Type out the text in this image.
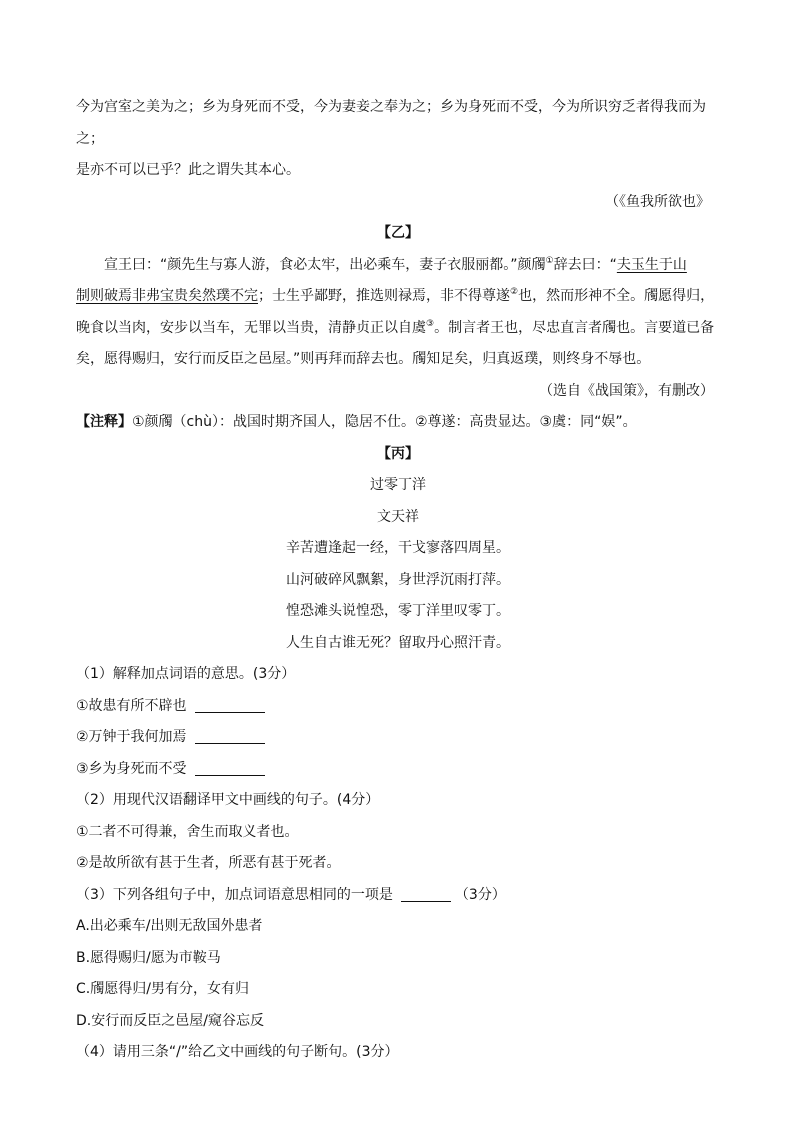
今为宫室之美为之；乡为身死而不受，今为妻妾之奉为之；乡为身死而不受，今为所识穷乏者得我而为之；

是亦不可以已乎？此之谓失其本心。

（《鱼我所欲也》

【乙】

宣王曰：“颜先生与寡人游，食必太牢，出必乘车，妻子衣服丽都。”颜斶①辞去曰：“夫玉生于山
制则破焉非弗宝贵矣然璞不完；士生乎鄙野，推选则禄焉，非不得尊遂②也，然而形神不全。斶愿得归，
晚食以当肉，安步以当车，无罪以当贵，清静贞正以自虞③。制言者王也，尽忠直言者斶也。言要道已备
矣，愿得赐归，安行而反臣之邑屋。”则再拜而辞去也。斶知足矣，归真返璞，则终身不辱也。

（选自《战国策》，有删改）

【注释】①颜斶（chù）：战国时期齐国人，隐居不仕。②尊遂：高贵显达。③虞：同“娱”。

【丙】

过零丁洋

文天祥

辛苦遭逢起一经，干戈寥落四周星。

山河破碎风飘絮，身世浮沉雨打萍。

惶恐滩头说惶恐，零丁洋里叹零丁。

人生自古谁无死？留取丹心照汗青。

（1）解释加点词语的意思。(3分）

①故患有所不辟也

②万钟于我何加焉

③乡为身死而不受

（2）用现代汉语翻译甲文中画线的句子。(4分）

①二者不可得兼，舍生而取义者也。

②是故所欲有甚于生者，所恶有甚于死者。

（3）下列各组句子中，加点词语意思相同的一项是	（3分）

A.出必乘车/出则无敌国外患者

B.愿得赐归/愿为市鞍马

C.斶愿得归/男有分，女有归

D.安行而反臣之邑屋/窥谷忘反

（4）请用三条“/”给乙文中画线的句子断句。(3分）
